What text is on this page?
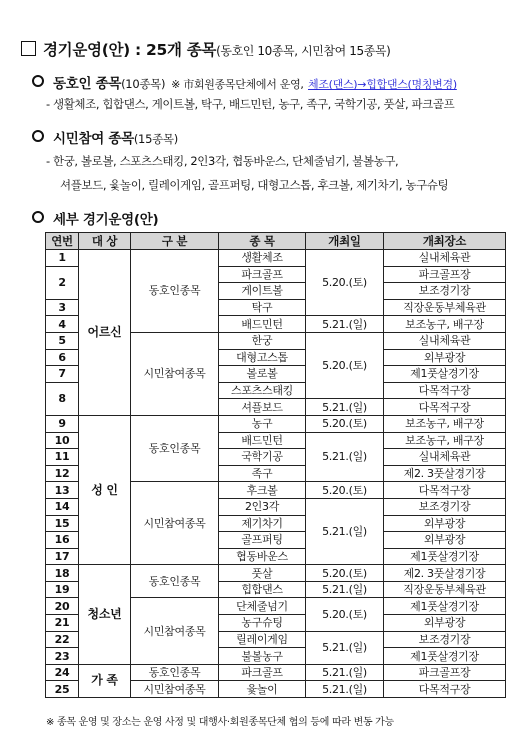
경기운영(안) : 25개 종목(동호인 10종목, 시민참여 15종목)
동호인 종목(10종목) ※ 市회원종목단체에서 운영, 체조(댄스)→힙합댄스(명칭변경)
- 생활체조, 힙합댄스, 게이트볼, 탁구, 배드민턴, 농구, 족구, 국학기공, 풋살, 파크골프
시민참여 종목(15종목)
- 한궁, 볼로볼, 스포츠스태킹, 2인3각, 협동바운스, 단체줄넘기, 불볼농구,
셔플보드, 윷놀이, 릴레이게임, 골프퍼팅, 대형고스톱, 후크볼, 제기차기, 농구슈팅
세부 경기운영(안)
연번	대 상	구 분	종 목	개최일	개최장소
1	어르신	동호인종목	생활체조	5.20.(토)	실내체육관
2			파크골프		파크골프장
			게이트볼		보조경기장
3			탁구		직장운동부체육관
4			배드민턴	5.21.(일)	보조농구, 배구장
5		시민참여종목	한궁	5.20.(토)	실내체육관
6			대형고스톱		외부광장
7			볼로볼		제1풋살경기장
8			스포츠스태킹		다목적구장
			셔플보드	5.21.(일)	다목적구장
9	성 인	동호인종목	농구	5.20.(토)	보조농구, 배구장
10			배드민턴	5.21.(일)	보조농구, 배구장
11			국학기공		실내체육관
12			족구		제2. 3풋살경기장
13		시민참여종목	후크볼	5.20.(토)	다목적구장
14			2인3각	5.21.(일)	보조경기장
15			제기차기		외부광장
16			골프퍼팅		외부광장
17			협동바운스		제1풋살경기장
18	청소년	동호인종목	풋살	5.20.(토)	제2. 3풋살경기장
19			힙합댄스	5.21.(일)	직장운동부체육관
20		시민참여종목	단체줄넘기	5.20.(토)	제1풋살경기장
21			농구슈팅		외부광장
22			릴레이게임	5.21.(일)	보조경기장
23			불볼농구		제1풋살경기장
24	가 족	동호인종목	파크골프	5.21.(일)	파크골프장
25		시민참여종목	윷놀이	5.21.(일)	다목적구장
※ 종목 운영 및 장소는 운영 사정 및 대행사·회원종목단체 협의 등에 따라 변동 가능
